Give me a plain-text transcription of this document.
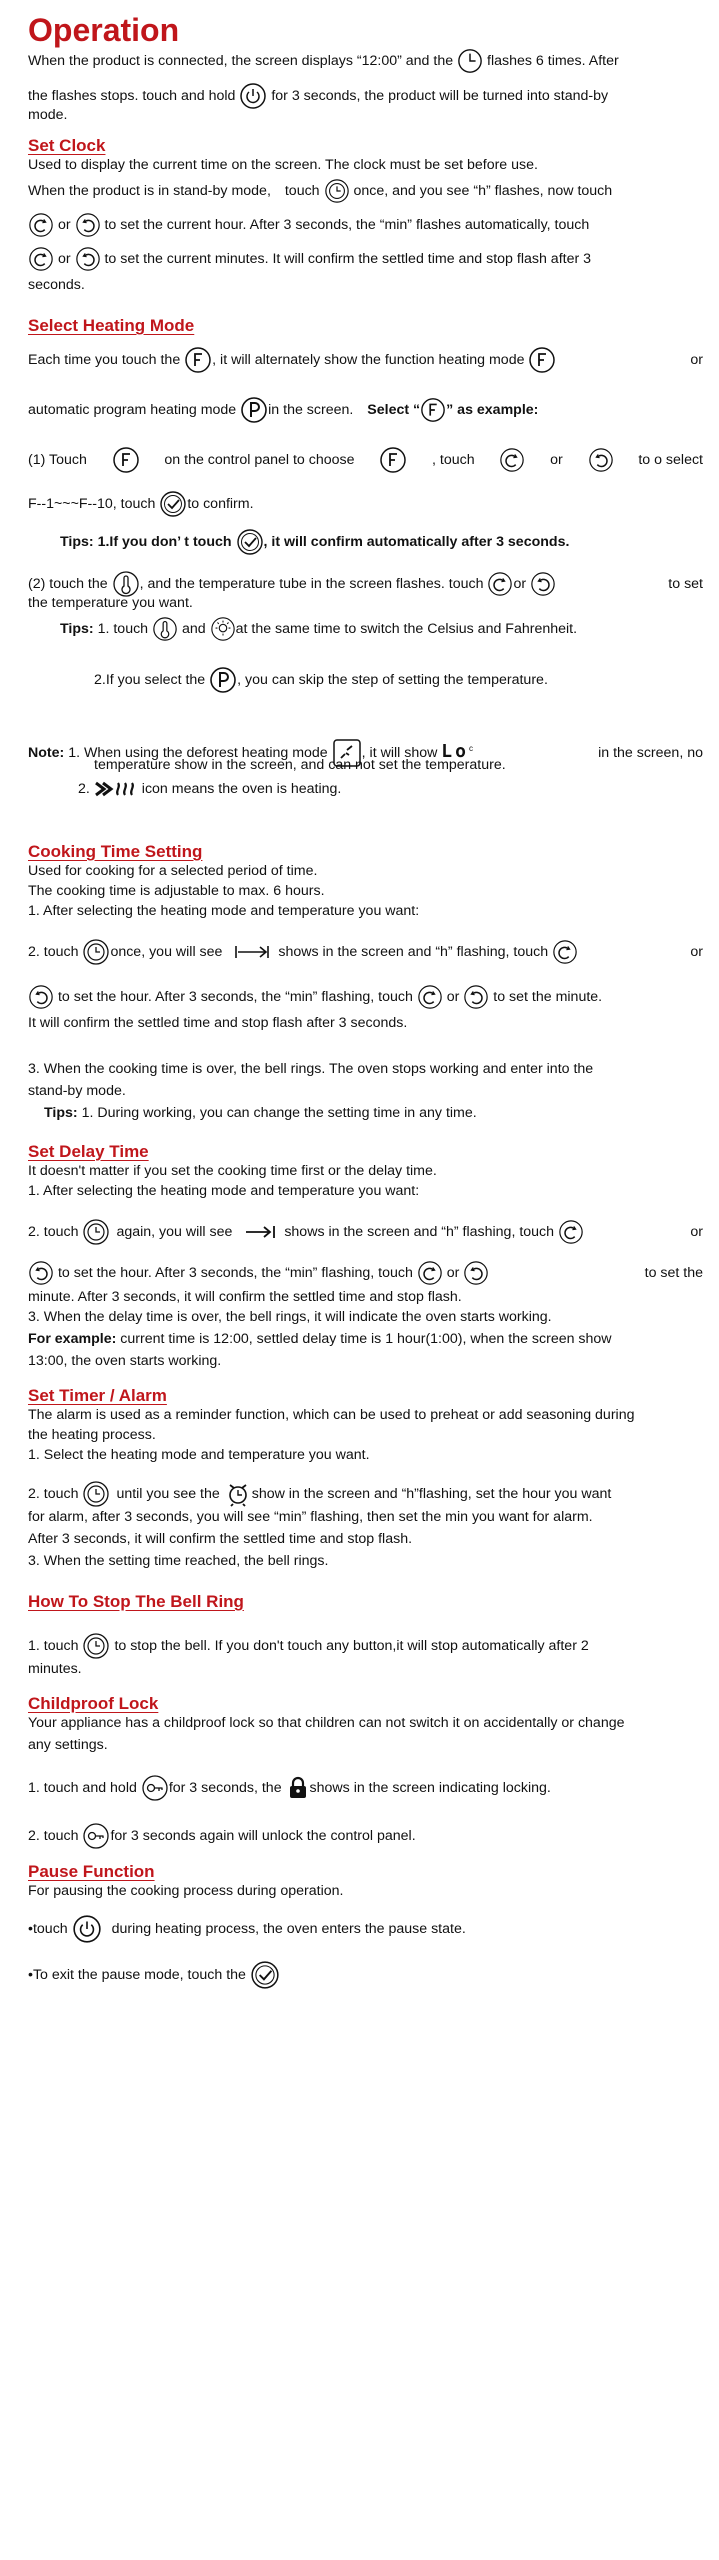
Operation
When the product is connected, the screen displays “12:00” and the flashes 6 times. After
the flashes stops. touch and hold	for 3 seconds, the product will be turned into stand-by
mode.
Set Clock
Used to display the current time on the screen. The clock must be set before use.
When the product is in stand-by mode, touch once, and you see “h” flashes, now touch
or to set the current hour. After 3 seconds, the “min” flashes automatically, touch
or to set the current minutes. It will confirm the settled time and stop flash after 3
seconds.
Select Heating Mode
Each time you touch the , it will alternately show the function heating mode	or
automatic program heating mode in the screen. Select “ ” as example:
(1) Touch	on the control panel to choose	, touch	or	to o select
F--1~~~F--10, touch to confirm.
Tips: 1.If you don’ t touch , it will confirm automatically after 3 seconds.
(2) touch the , and the temperature tube in the screen flashes. touch or	to set
the temperature you want.
Tips: 1. touch and at the same time to switch the Celsius and Fahrenheit.
2.If you select the , you can skip the step of setting the temperature.
Note: 1. When using the deforest heating mode , it will show Lo$^c$	in the screen, no
temperature show in the screen, and can not set the temperature.
2.	icon means the oven is heating.
Cooking Time Setting
Used for cooking for a selected period of time.
The cooking time is adjustable to max. 6 hours.
1. After selecting the heating mode and temperature you want:
2. touch once, you will see	shows in the screen and “h” flashing, touch	or
to set the hour. After 3 seconds, the “min” flashing, touch or to set the minute.
It will confirm the settled time and stop flash after 3 seconds.
3. When the cooking time is over, the bell rings. The oven stops working and enter into the
stand-by mode.
Tips: 1. During working, you can change the setting time in any time.
Set Delay Time
It doesn't matter if you set the cooking time first or the delay time.
1. After selecting the heating mode and temperature you want:
2. touch	again, you will see	shows in the screen and “h” flashing, touch	or
to set the hour. After 3 seconds, the “min” flashing, touch or	to set the
minute. After 3 seconds, it will confirm the settled time and stop flash.
3. When the delay time is over, the bell rings, it will indicate the oven starts working.
For example: current time is 12:00, settled delay time is 1 hour(1:00), when the screen show
13:00, the oven starts working.
Set Timer / Alarm
The alarm is used as a reminder function, which can be used to preheat or add seasoning during
the heating process.
1. Select the heating mode and temperature you want.
2. touch	until you see the show in the screen and “h”flashing, set the hour you want
for alarm, after 3 seconds, you will see “min” flashing, then set the min you want for alarm.
After 3 seconds, it will confirm the settled time and stop flash.
3. When the setting time reached, the bell rings.
How To Stop The Bell Ring
1. touch	to stop the bell. If you don't touch any button,it will stop automatically after 2
minutes.
Childproof Lock
Your appliance has a childproof lock so that children can not switch it on accidentally or change
any settings.
1. touch and hold for 3 seconds, the shows in the screen indicating locking.
2. touch for 3 seconds again will unlock the control panel.
Pause Function
For pausing the cooking process during operation.
•touch	during heating process, the oven enters the pause state.
•To exit the pause mode, touch the
